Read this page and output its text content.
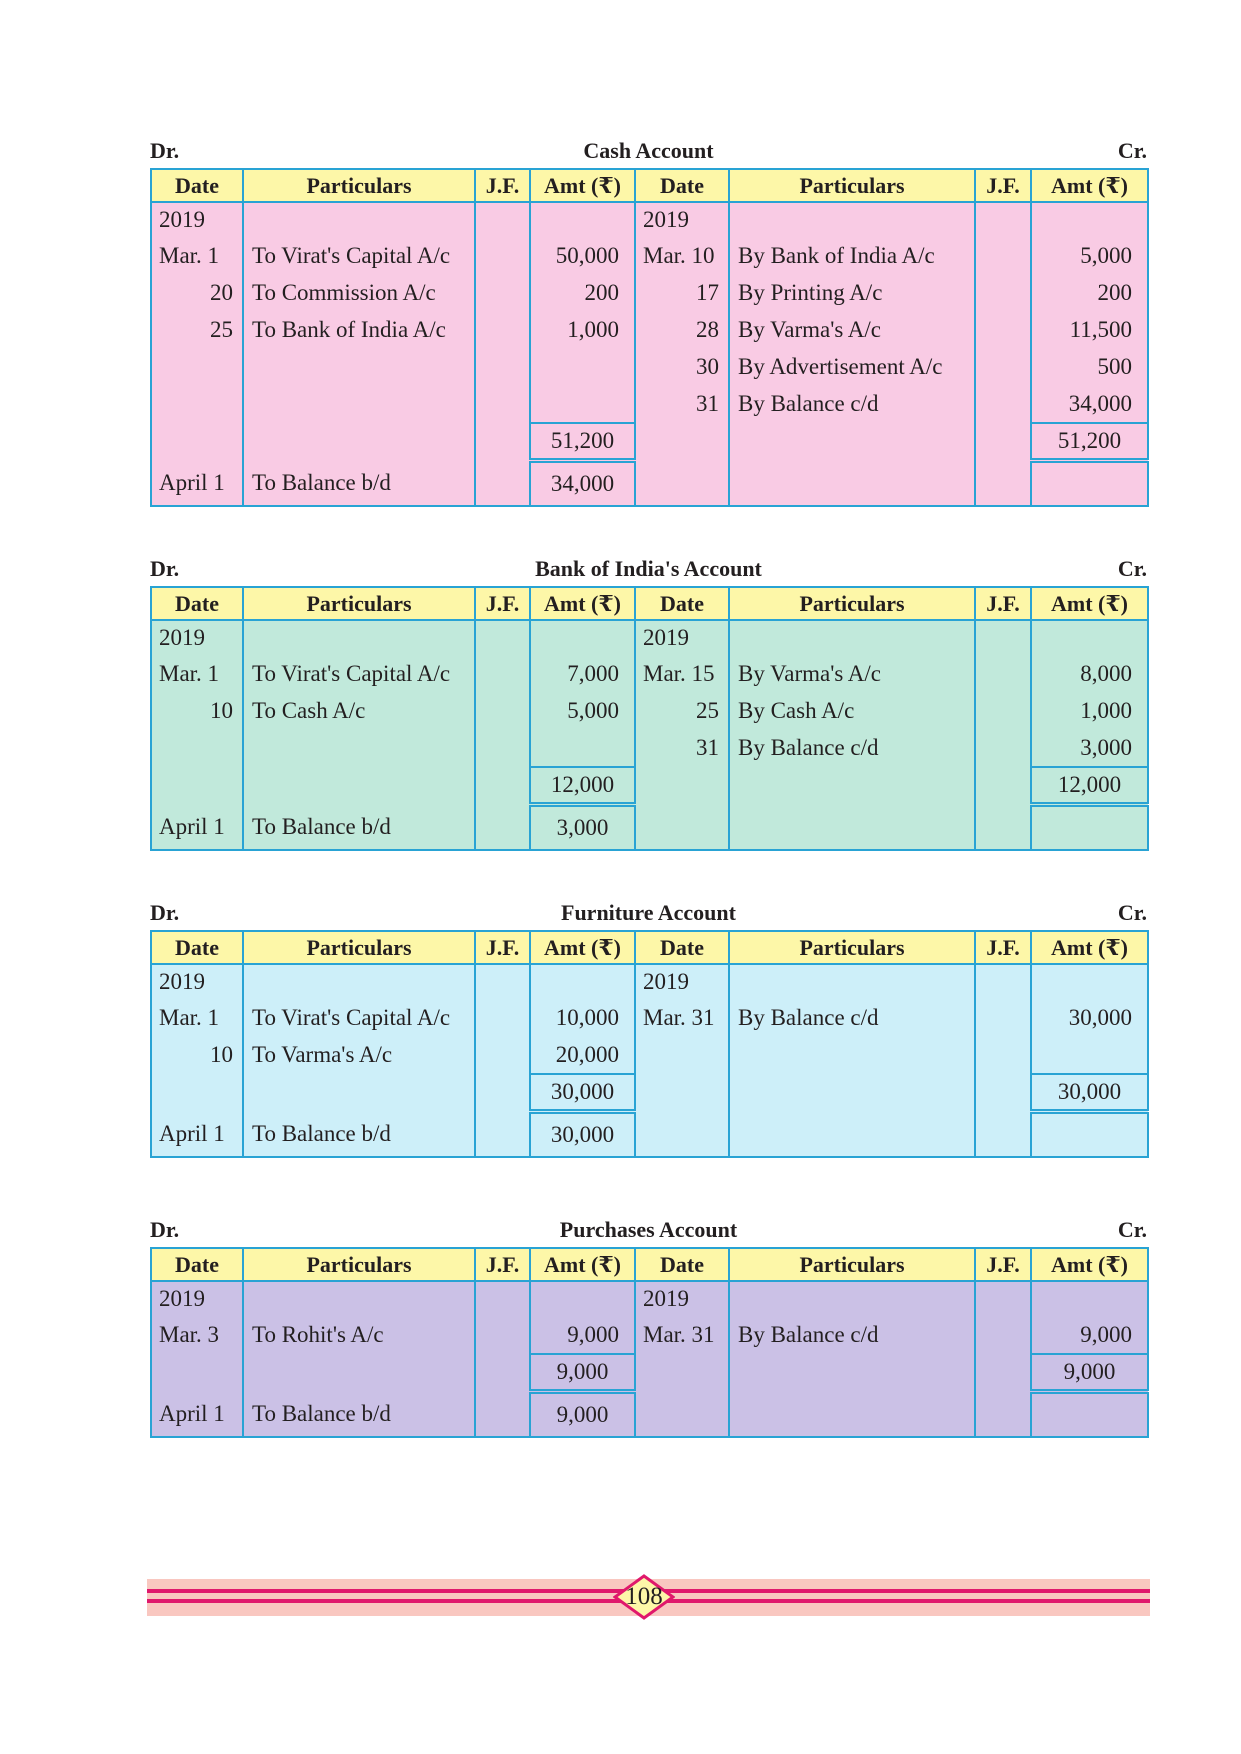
Dr.	Cash Account	Cr.
Date	Particulars	J.F.	Amt (₹)	Date	Particulars	J.F.	Amt (₹)
2019				2019			
Mar. 1	To Virat's Capital A/c		50,000	Mar. 10	By Bank of India A/c		5,000
20	To Commission A/c		200	17	By Printing A/c		200
25	To Bank of India A/c		1,000	28	By Varma's A/c		11,500
				30	By Advertisement A/c		500
				31	By Balance c/d		34,000
			51,200				51,200
April 1	To Balance b/d		34,000				
Dr.	Bank of India's Account	Cr.
Date	Particulars	J.F.	Amt (₹)	Date	Particulars	J.F.	Amt (₹)
2019				2019			
Mar. 1	To Virat's Capital A/c		7,000	Mar. 15	By Varma's A/c		8,000
10	To Cash A/c		5,000	25	By Cash A/c		1,000
				31	By Balance c/d		3,000
			12,000				12,000
April 1	To Balance b/d		3,000				
Dr.	Furniture Account	Cr.
Date	Particulars	J.F.	Amt (₹)	Date	Particulars	J.F.	Amt (₹)
2019				2019			
Mar. 1	To Virat's Capital A/c		10,000	Mar. 31	By Balance c/d		30,000
10	To Varma's A/c		20,000				
			30,000				30,000
April 1	To Balance b/d		30,000				
Dr.	Purchases Account	Cr.
Date	Particulars	J.F.	Amt (₹)	Date	Particulars	J.F.	Amt (₹)
2019				2019			
Mar. 3	To Rohit's A/c		9,000	Mar. 31	By Balance c/d		9,000
			9,000				9,000
April 1	To Balance b/d		9,000				
108
